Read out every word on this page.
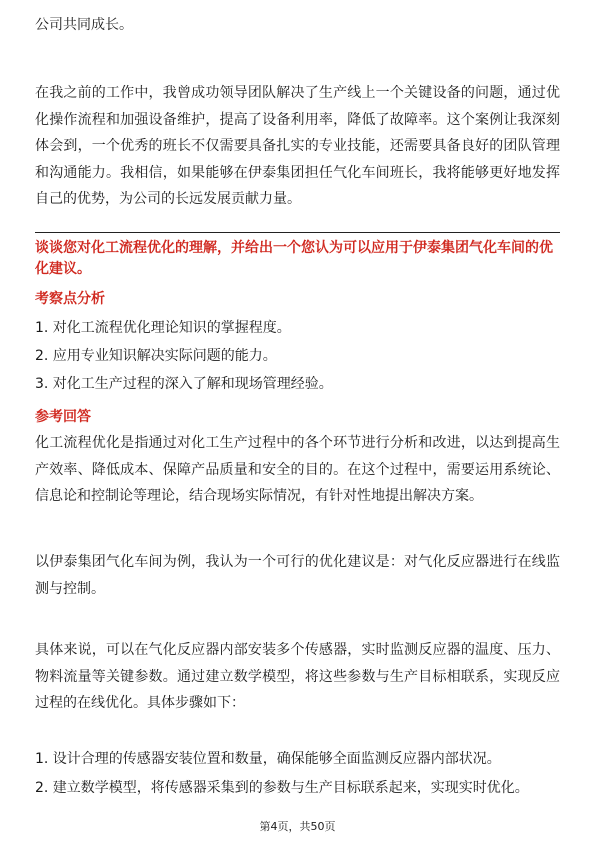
公司共同成长。

在我之前的工作中，我曾成功领导团队解决了生产线上一个关键设备的问题，通过优化操作流程和加强设备维护，提高了设备利用率，降低了故障率。这个案例让我深刻体会到，一个优秀的班长不仅需要具备扎实的专业技能，还需要具备良好的团队管理和沟通能力。我相信，如果能够在伊泰集团担任气化车间班长，我将能够更好地发挥自己的优势，为公司的长远发展贡献力量。

谈谈您对化工流程优化的理解，并给出一个您认为可以应用于伊泰集团气化车间的优化建议。

考察点分析

1. 对化工流程优化理论知识的掌握程度。
2. 应用专业知识解决实际问题的能力。
3. 对化工生产过程的深入了解和现场管理经验。

参考回答

化工流程优化是指通过对化工生产过程中的各个环节进行分析和改进，以达到提高生产效率、降低成本、保障产品质量和安全的目的。在这个过程中，需要运用系统论、信息论和控制论等理论，结合现场实际情况，有针对性地提出解决方案。

以伊泰集团气化车间为例，我认为一个可行的优化建议是：对气化反应器进行在线监测与控制。

具体来说，可以在气化反应器内部安装多个传感器，实时监测反应器的温度、压力、物料流量等关键参数。通过建立数学模型，将这些参数与生产目标相联系，实现反应过程的在线优化。具体步骤如下：

1. 设计合理的传感器安装位置和数量，确保能够全面监测反应器内部状况。
2. 建立数学模型，将传感器采集到的参数与生产目标联系起来，实现实时优化。
第4页，共50页
